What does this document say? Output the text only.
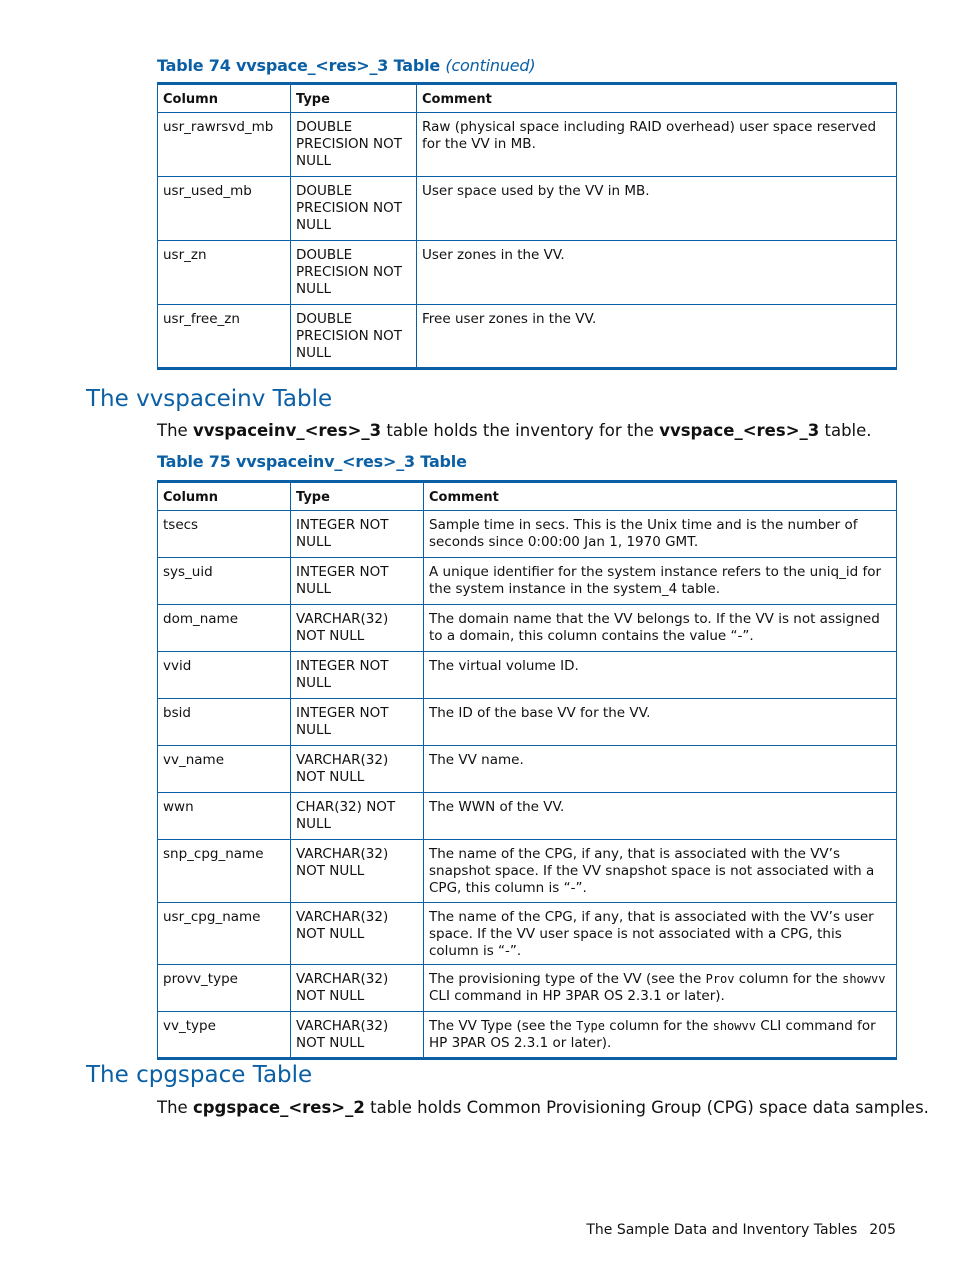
Table 74 vvspace_<res>_3 Table (continued)
Column	Type	Comment
usr_rawrsvd_mb	DOUBLE PRECISION NOT NULL	Raw (physical space including RAID overhead) user space reserved for the VV in MB.
usr_used_mb	DOUBLE PRECISION NOT NULL	User space used by the VV in MB.
usr_zn	DOUBLE PRECISION NOT NULL	User zones in the VV.
usr_free_zn	DOUBLE PRECISION NOT NULL	Free user zones in the VV.
The vvspaceinv Table

The vvspaceinv_<res>_3 table holds the inventory for the vvspace_<res>_3 table.

Table 75 vvspaceinv_<res>_3 Table
Column	Type	Comment
tsecs	INTEGER NOT NULL	Sample time in secs. This is the Unix time and is the number of seconds since 0:00:00 Jan 1, 1970 GMT.
sys_uid	INTEGER NOT NULL	A unique identifier for the system instance refers to the uniq_id for the system instance in the system_4 table.
dom_name	VARCHAR(32) NOT NULL	The domain name that the VV belongs to. If the VV is not assigned to a domain, this column contains the value “-”.
vvid	INTEGER NOT NULL	The virtual volume ID.
bsid	INTEGER NOT NULL	The ID of the base VV for the VV.
vv_name	VARCHAR(32) NOT NULL	The VV name.
wwn	CHAR(32) NOT NULL	The WWN of the VV.
snp_cpg_name	VARCHAR(32) NOT NULL	The name of the CPG, if any, that is associated with the VV’s snapshot space. If the VV snapshot space is not associated with a CPG, this column is “-”.
usr_cpg_name	VARCHAR(32) NOT NULL	The name of the CPG, if any, that is associated with the VV’s user space. If the VV user space is not associated with a CPG, this column is “-”.
provv_type	VARCHAR(32) NOT NULL	The provisioning type of the VV (see the Prov column for the showvv CLI command in HP 3PAR OS 2.3.1 or later).
vv_type	VARCHAR(32) NOT NULL	The VV Type (see the Type column for the showvv CLI command for HP 3PAR OS 2.3.1 or later).
The cpgspace Table

The cpgspace_<res>_2 table holds Common Provisioning Group (CPG) space data samples.

The Sample Data and Inventory Tables 205
